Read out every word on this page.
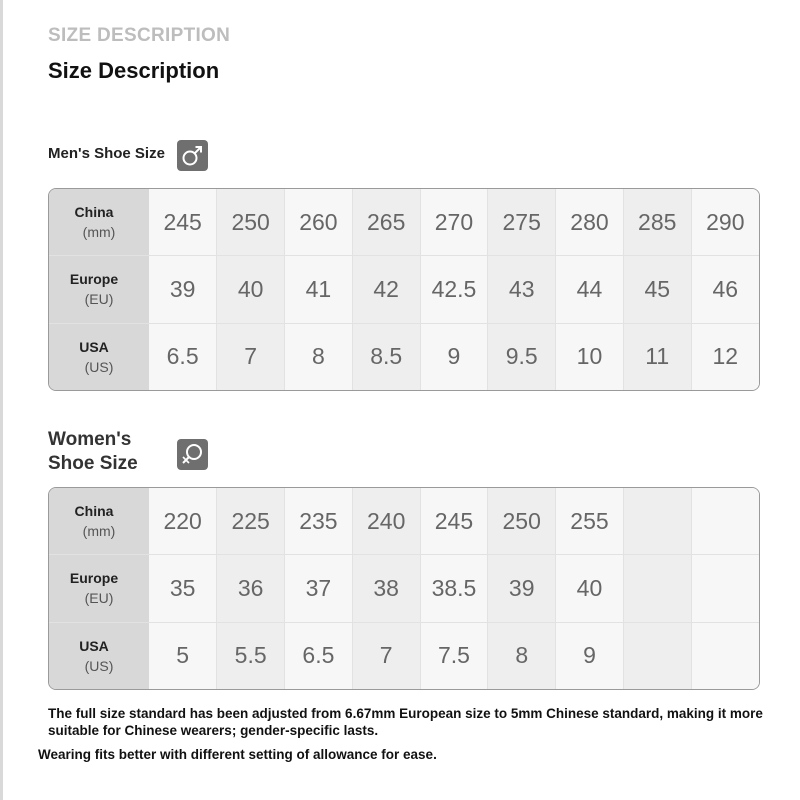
SIZE DESCRIPTION
Size Description
Men's Shoe Size
China
(mm)	245	250	260	265	270	275	280	285	290

Europe
(EU)	39	40	41	42	42.5	43	44	45	46

USA
(US)	6.5	7	8	8.5	9	9.5	10	11	12
Women's
Shoe Size
China
(mm)	220	225	235	240	245	250	255		

Europe
(EU)	35	36	37	38	38.5	39	40		

USA
(US)	5	5.5	6.5	7	7.5	8	9		
The full size standard has been adjusted from 6.67mm European size to 5mm Chinese standard, making it more suitable for Chinese wearers; gender-specific lasts.
Wearing fits better with different setting of allowance for ease.
